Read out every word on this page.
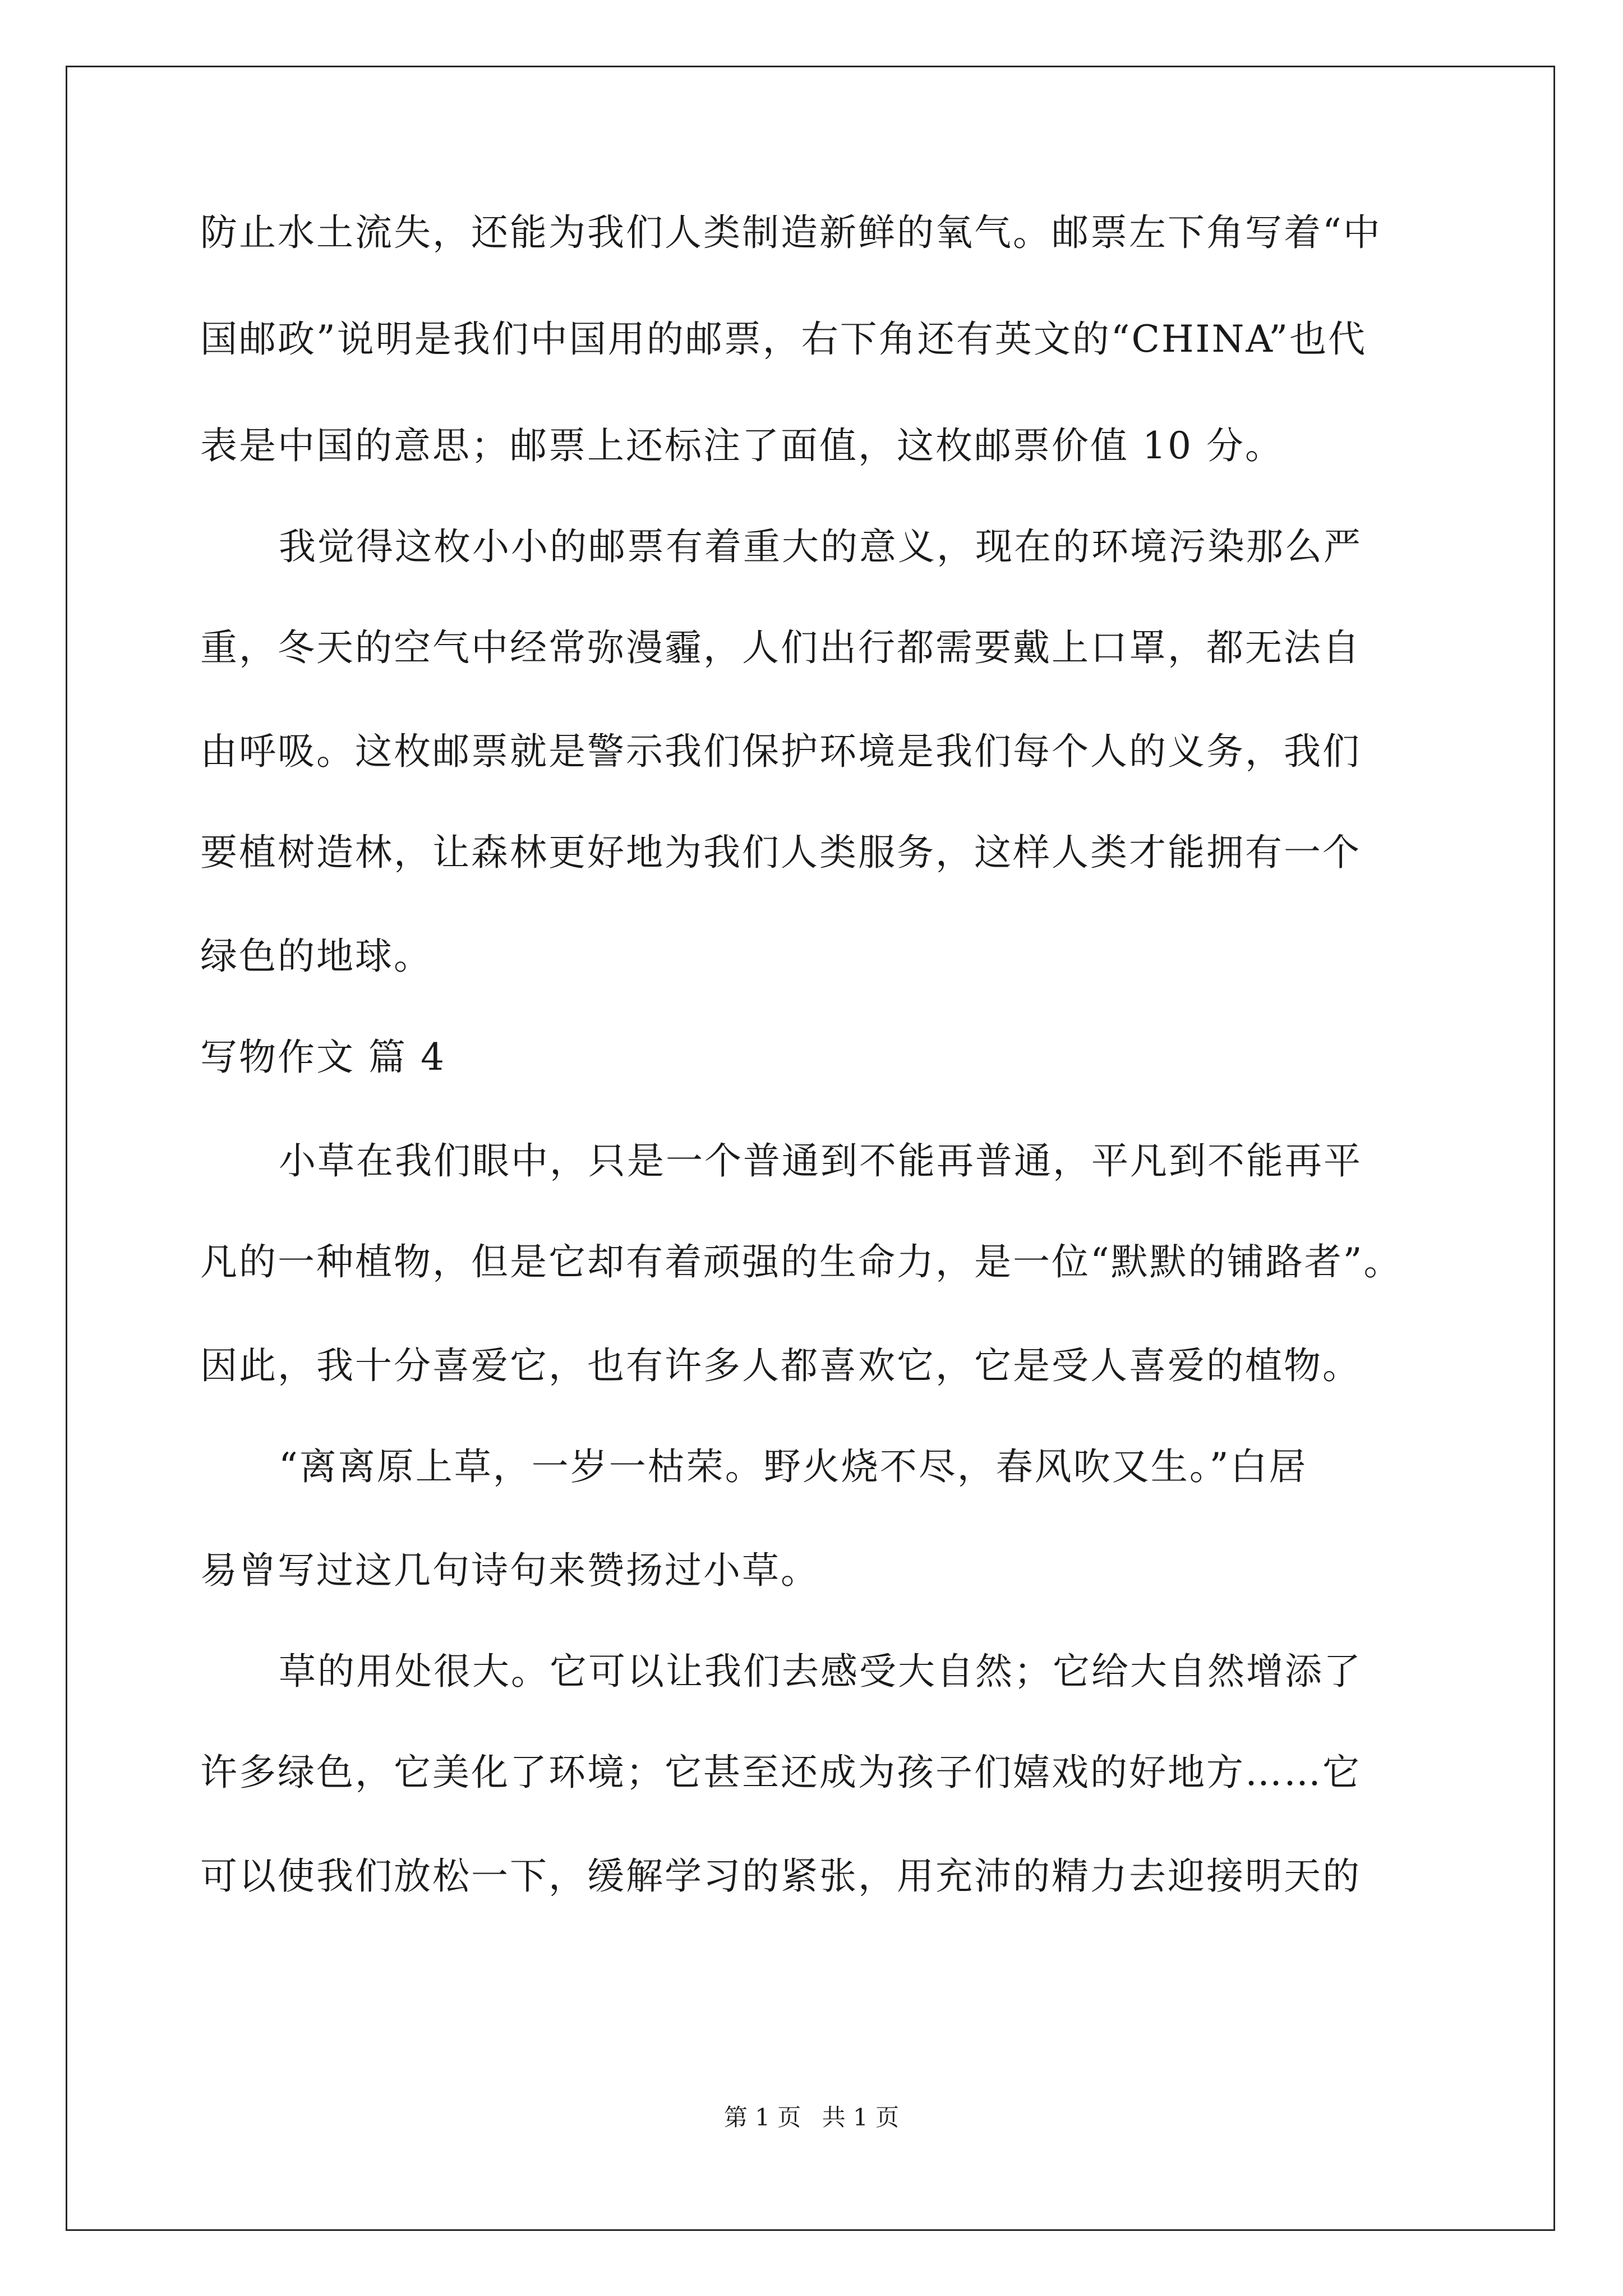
防止水土流失，还能为我们人类制造新鲜的氧气。邮票左下角写着“中
国邮政”说明是我们中国用的邮票，右下角还有英文的“CHINA”也代
表是中国的意思；邮票上还标注了面值，这枚邮票价值 10 分。
我觉得这枚小小的邮票有着重大的意义，现在的环境污染那么严
重，冬天的空气中经常弥漫霾，人们出行都需要戴上口罩，都无法自
由呼吸。这枚邮票就是警示我们保护环境是我们每个人的义务，我们
要植树造林，让森林更好地为我们人类服务，这样人类才能拥有一个
绿色的地球。
写物作文 篇 4
小草在我们眼中，只是一个普通到不能再普通，平凡到不能再平
凡的一种植物，但是它却有着顽强的生命力，是一位“默默的铺路者”。
因此，我十分喜爱它，也有许多人都喜欢它，它是受人喜爱的植物。
“离离原上草，一岁一枯荣。野火烧不尽，春风吹又生。”白居
易曾写过这几句诗句来赞扬过小草。
草的用处很大。它可以让我们去感受大自然；它给大自然增添了
许多绿色，它美化了环境；它甚至还成为孩子们嬉戏的好地方……它
可以使我们放松一下，缓解学习的紧张，用充沛的精力去迎接明天的
第 1 页 共 1 页
